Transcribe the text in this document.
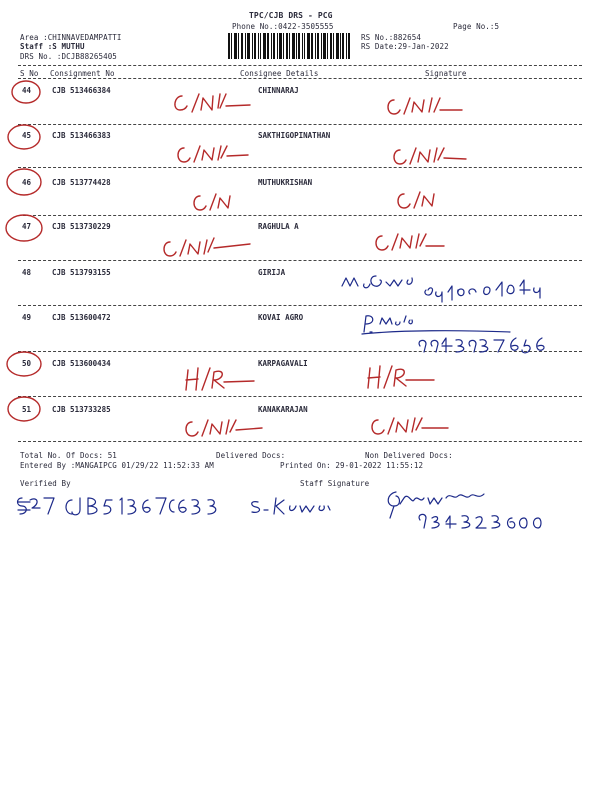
TPC/CJB DRS - PCG
Phone No.:0422-3505555	Page No.:5
Area :CHINNAVEDAMPATTI
Staff :S MUTHU
DRS No. :DCJB88265405
RS No.:882654
RS Date:29-Jan-2022
S No Consignment No	Consignee Details	Signature
44	CJB 513466384	CHINNARAJ
45	CJB 513466383	SAKTHIGOPINATHAN
46	CJB 513774428	MUTHUKRISHAN
47	CJB 513730229	RAGHULA A
48	CJB 513793155	GIRIJA
49	CJB 513600472	KOVAI AGRO
50	CJB 513600434	KARPAGAVALI
51	CJB 513733285	KANAKARAJAN
Total No. Of Docs: 51	Delivered Docs:	Non Delivered Docs:
Entered By :MANGAIPCG 01/29/22 11:52:33 AM	Printed On: 29-01-2022 11:55:12
Verified By	Staff Signature
